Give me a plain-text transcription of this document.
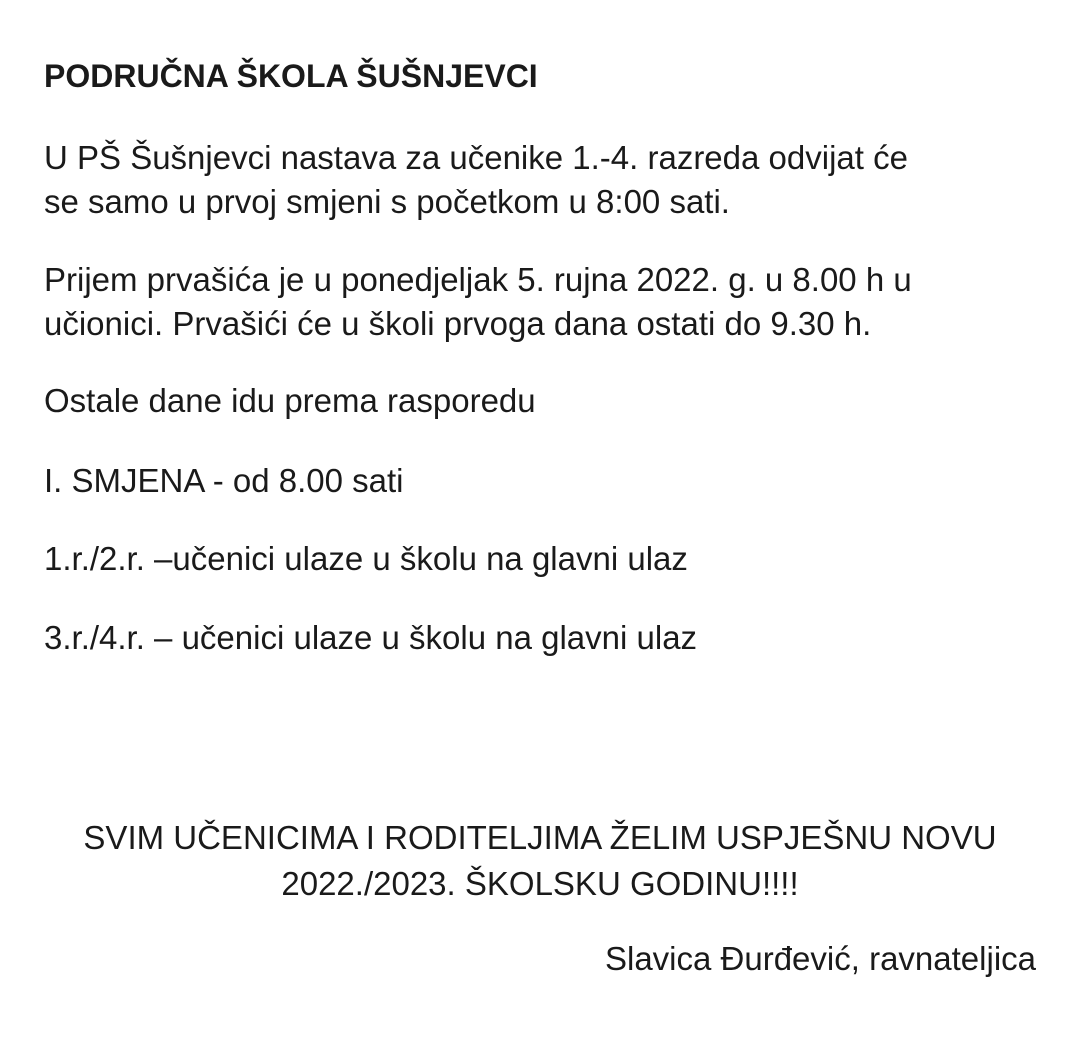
PODRUČNA ŠKOLA ŠUŠNJEVCI

U PŠ Šušnjevci nastava za učenike 1.-4. razreda odvijat će
se samo u prvoj smjeni s početkom u 8:00 sati.

Prijem prvašića je u ponedjeljak 5. rujna 2022. g. u 8.00 h u
učionici. Prvašići će u školi prvoga dana ostati do 9.30 h.

Ostale dane idu prema rasporedu

I. SMJENA - od 8.00 sati

1.r./2.r. –učenici ulaze u školu na glavni ulaz

3.r./4.r. – učenici ulaze u školu na glavni ulaz

SVIM UČENICIMA I RODITELJIMA ŽELIM USPJEŠNU NOVU
2022./2023. ŠKOLSKU GODINU!!!!

Slavica Đurđević, ravnateljica
